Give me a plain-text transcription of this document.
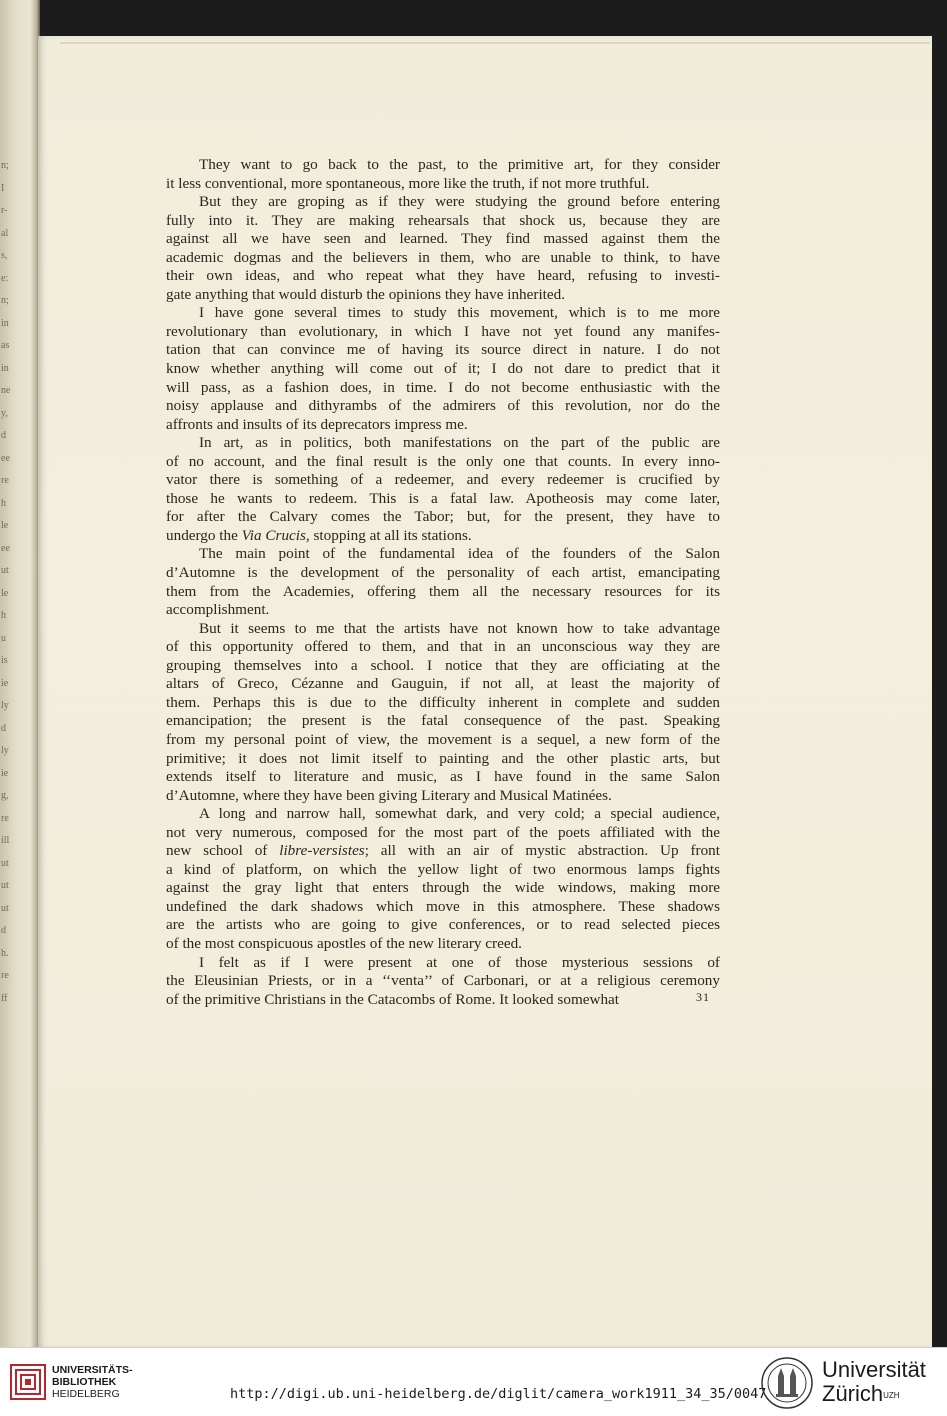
n;
I
r-
al
s,
e:
n;
in
as
in
ne
y,
d
ee
re
h
le
ee
ut
le
h
u
is
ie
ly
d
ly
ie
g,
re
ill
ut
ut
ut
d
h.
re
ff
They want to go back to the past, to the primitive art, for they consider
it less conventional, more spontaneous, more like the truth, if not more truthful.
But they are groping as if they were studying the ground before entering
fully into it. They are making rehearsals that shock us, because they are
against all we have seen and learned. They find massed against them the
academic dogmas and the believers in them, who are unable to think, to have
their own ideas, and who repeat what they have heard, refusing to investi-
gate anything that would disturb the opinions they have inherited.
I have gone several times to study this movement, which is to me more
revolutionary than evolutionary, in which I have not yet found any manifes-
tation that can convince me of having its source direct in nature. I do not
know whether anything will come out of it; I do not dare to predict that it
will pass, as a fashion does, in time. I do not become enthusiastic with the
noisy applause and dithyrambs of the admirers of this revolution, nor do the
affronts and insults of its deprecators impress me.
In art, as in politics, both manifestations on the part of the public are
of no account, and the final result is the only one that counts. In every inno-
vator there is something of a redeemer, and every redeemer is crucified by
those he wants to redeem. This is a fatal law. Apotheosis may come later,
for after the Calvary comes the Tabor; but, for the present, they have to
undergo the Via Crucis, stopping at all its stations.
The main point of the fundamental idea of the founders of the Salon
d’Automne is the development of the personality of each artist, emancipating
them from the Academies, offering them all the necessary resources for its
accomplishment.
But it seems to me that the artists have not known how to take advantage
of this opportunity offered to them, and that in an unconscious way they are
grouping themselves into a school. I notice that they are officiating at the
altars of Greco, Cézanne and Gauguin, if not all, at least the majority of
them. Perhaps this is due to the difficulty inherent in complete and sudden
emancipation; the present is the fatal consequence of the past. Speaking
from my personal point of view, the movement is a sequel, a new form of the
primitive; it does not limit itself to painting and the other plastic arts, but
extends itself to literature and music, as I have found in the same Salon
d’Automne, where they have been giving Literary and Musical Matinées.
A long and narrow hall, somewhat dark, and very cold; a special audience,
not very numerous, composed for the most part of the poets affiliated with the
new school of libre-versistes; all with an air of mystic abstraction. Up front
a kind of platform, on which the yellow light of two enormous lamps fights
against the gray light that enters through the wide windows, making more
undefined the dark shadows which move in this atmosphere. These shadows
are the artists who are going to give conferences, or to read selected pieces
of the most conspicuous apostles of the new literary creed.
I felt as if I were present at one of those mysterious sessions of
the Eleusinian Priests, or in a ‘‘venta’’ of Carbonari, or at a religious ceremony
of the primitive Christians in the Catacombs of Rome. It looked somewhat	31
UNIVERSITÄTS-
BIBLIOTHEK
HEIDELBERG	http://digi.ub.uni-heidelberg.de/diglit/camera_work1911_34_35/0047
Universität
Zürich$^{UZH}$
